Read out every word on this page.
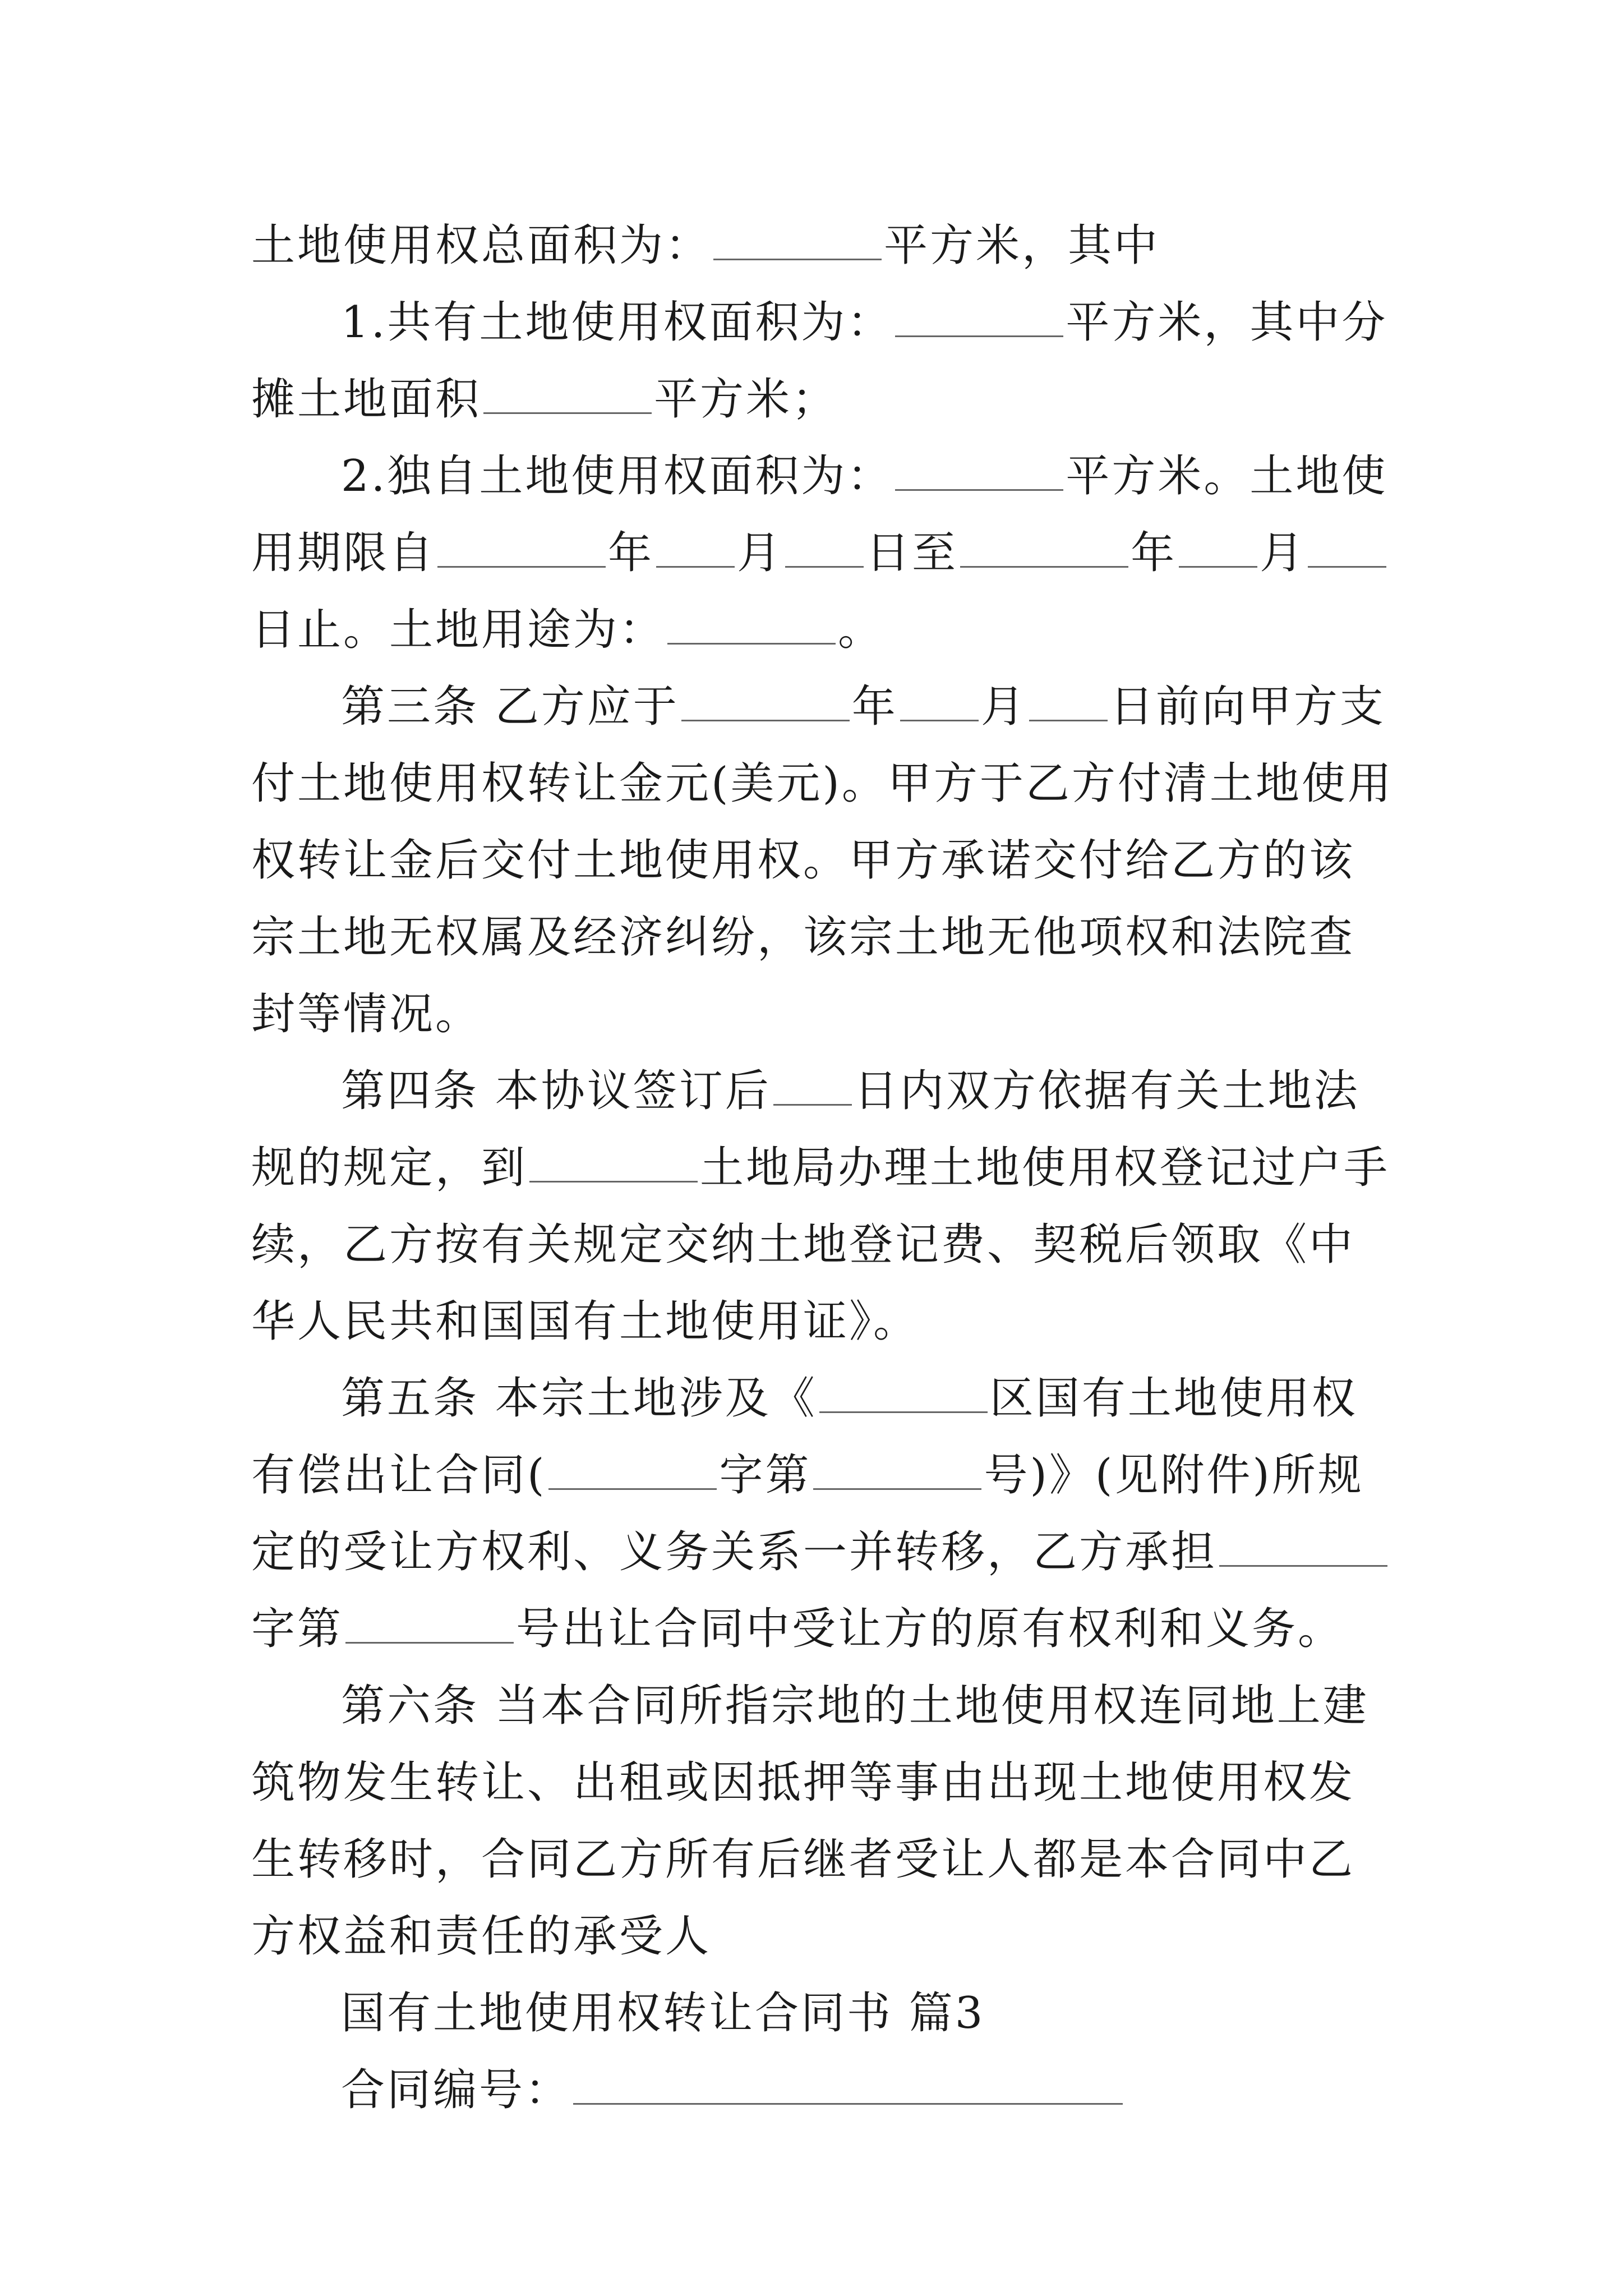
土地使用权总面积为：	平方米，其中

1.共有土地使用权面积为：	平方米，其中分摊土地面积	平方米；

2.独自土地使用权面积为：	平方米。土地使用期限自	年 月 日至	年 月日止。土地用途为：	。

第三条 乙方应于	年 月 日前向甲方支付土地使用权转让金元(美元)。甲方于乙方付清土地使用权转让金后交付土地使用权。甲方承诺交付给乙方的该宗土地无权属及经济纠纷，该宗土地无他项权和法院查封等情况。

第四条 本协议签订后 日内双方依据有关土地法规的规定，到	土地局办理土地使用权登记过户手续，乙方按有关规定交纳土地登记费、契税后领取《中华人民共和国国有土地使用证》。

第五条 本宗土地涉及《	区国有土地使用权有偿出让合同(	字第	号)》(见附件)所规定的受让方权利、义务关系一并转移，乙方承担字第	号出让合同中受让方的原有权利和义务。

第六条 当本合同所指宗地的土地使用权连同地上建筑物发生转让、出租或因抵押等事由出现土地使用权发生转移时，合同乙方所有后继者受让人都是本合同中乙方权益和责任的承受人

国有土地使用权转让合同书 篇3

合同编号：
